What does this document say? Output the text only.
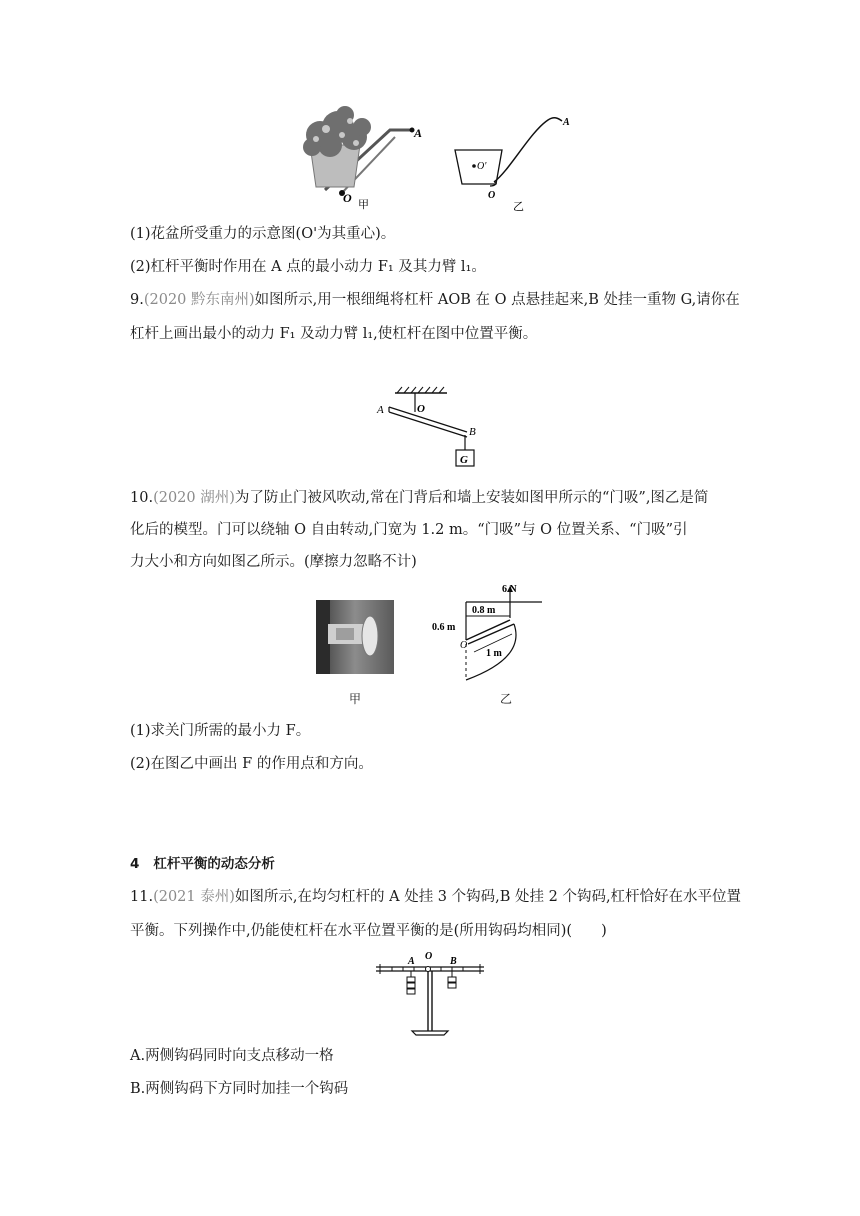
A
O 甲
O'
A
O
乙
(1)花盆所受重力的示意图(O'为其重心)。
(2)杠杆平衡时作用在 A 点的最小动力 F₁ 及其力臂 l₁。
9.(2020 黔东南州)如图所示,用一根细绳将杠杆 AOB 在 O 点悬挂起来,B 处挂一重物 G,请你在
杠杆上画出最小的动力 F₁ 及动力臂 l₁,使杠杆在图中位置平衡。
A	O
B
G
10.(2020 湖州)为了防止门被风吹动,常在门背后和墙上安装如图甲所示的“门吸”,图乙是简
化后的模型。门可以绕轴 O 自由转动,门宽为 1.2 m。“门吸”与 O 位置关系、“门吸”引
力大小和方向如图乙所示。(摩擦力忽略不计)
甲
6 N
0.8 m
0.6 m
1 m
O
乙
(1)求关门所需的最小力 F。
(2)在图乙中画出 F 的作用点和方向。
4 杠杆平衡的动态分析
11.(2021 泰州)如图所示,在均匀杠杆的 A 处挂 3 个钩码,B 处挂 2 个钩码,杠杆恰好在水平位置
平衡。下列操作中,仍能使杠杆在水平位置平衡的是(所用钩码均相同)(　　)
A O B
A.两侧钩码同时向支点移动一格
B.两侧钩码下方同时加挂一个钩码
